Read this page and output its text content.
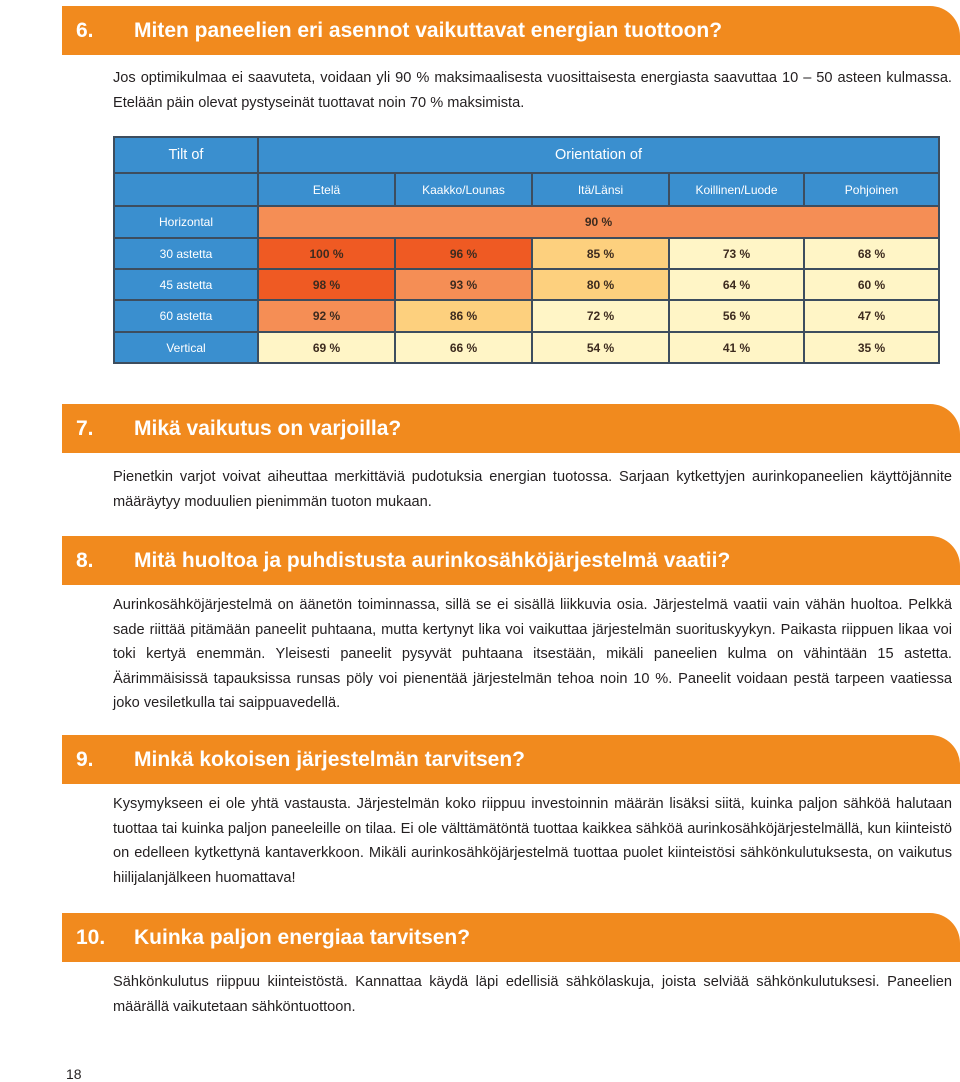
6.	Miten paneelien eri asennot vaikuttavat energian tuottoon?

Jos optimikulmaa ei saavuteta, voidaan yli 90 % maksimaalisesta vuosittaisesta energiasta saavuttaa 10 – 50 asteen kulmassa. Etelään päin olevat pystyseinät tuottavat noin 70 % maksimista.

Tilt of	Orientation of				
	Etelä	Kaakko/Lounas	Itä/Länsi	Koillinen/Luode	Pohjoinen
Horizontal	90 %				
30 astetta	100 %	96 %	85 %	73 %	68 %
45 astetta	98 %	93 %	80 %	64 %	60 %
60 astetta	92 %	86 %	72 %	56 %	47 %
Vertical	69 %	66 %	54 %	41 %	35 %
7.	Mikä vaikutus on varjoilla?

Pienetkin varjot voivat aiheuttaa merkittäviä pudotuksia energian tuotossa. Sarjaan kytkettyjen aurinkopaneelien käyttöjännite määräytyy moduulien pienimmän tuoton mukaan.

8.	Mitä huoltoa ja puhdistusta aurinkosähköjärjestelmä vaatii?

Aurinkosähköjärjestelmä on äänetön toiminnassa, sillä se ei sisällä liikkuvia osia. Järjestelmä vaatii vain vähän huoltoa. Pelkkä sade riittää pitämään paneelit puhtaana, mutta kertynyt lika voi vaikuttaa järjestelmän suorituskyykyn. Paikasta riippuen likaa voi toki kertyä enemmän. Yleisesti paneelit pysyvät puhtaana itsestään, mikäli paneelien kulma on vähintään 15 astetta. Äärimmäisissä tapauksissa runsas pöly voi pienentää järjestelmän tehoa noin 10 %. Paneelit voidaan pestä tarpeen vaatiessa joko vesiletkulla tai saippuavedellä.

9.	Minkä kokoisen järjestelmän tarvitsen?

Kysymykseen ei ole yhtä vastausta. Järjestelmän koko riippuu investoinnin määrän lisäksi siitä, kuinka paljon sähköä halutaan tuottaa tai kuinka paljon paneeleille on tilaa. Ei ole välttämätöntä tuottaa kaikkea sähköä aurinkosähköjärjestelmällä, kun kiinteistö on edelleen kytkettynä kantaverkkoon. Mikäli aurinkosähköjärjestelmä tuottaa puolet kiinteistösi sähkönkulutuksesta, on vaikutus hiilijalanjälkeen huomattava!

10.	Kuinka paljon energiaa tarvitsen?

Sähkönkulutus riippuu kiinteistöstä. Kannattaa käydä läpi edellisiä sähkölaskuja, joista selviää sähkönkulutuksesi. Paneelien määrällä vaikutetaan sähköntuottoon.

18
